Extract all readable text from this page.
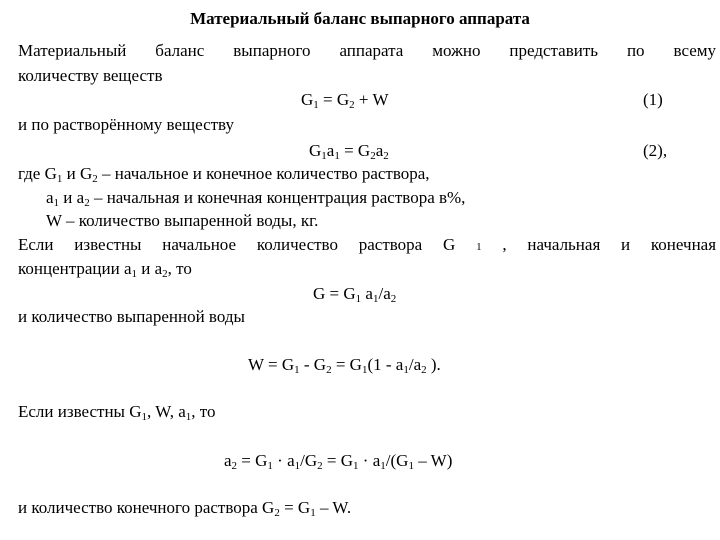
Материальный баланс выпарного аппарата
Материальный баланс выпарного аппарата можно представить по всему
количеству веществ
$G_1 = G_2 + W$	(1)
и по растворённому веществу
$G_1a_1 = G_2a_2$	(2),
где $G_1$ и $G_2$ – начальное и конечное количество раствора,
$a_1$ и $a_2$ – начальная и конечная концентрация раствора в%,
W – количество выпаренной воды, кг.
Если известны начальное количество раствора G 1 , начальная и конечная
концентрации $a_1$ и $a_2$, то
$G = G_1$ $a_1/a_2$
и количество выпаренной воды
$W = G_1 - G_2 = G_1(1 - a_1/a_2$ ).
Если известны $G_1$, W, $a_1$, то
$a_2 = G_1 \cdot a_1/G_2 = G_1 \cdot a_1/(G_1 - W)$
и количество конечного раствора $G_2 = G_1 - W$.
